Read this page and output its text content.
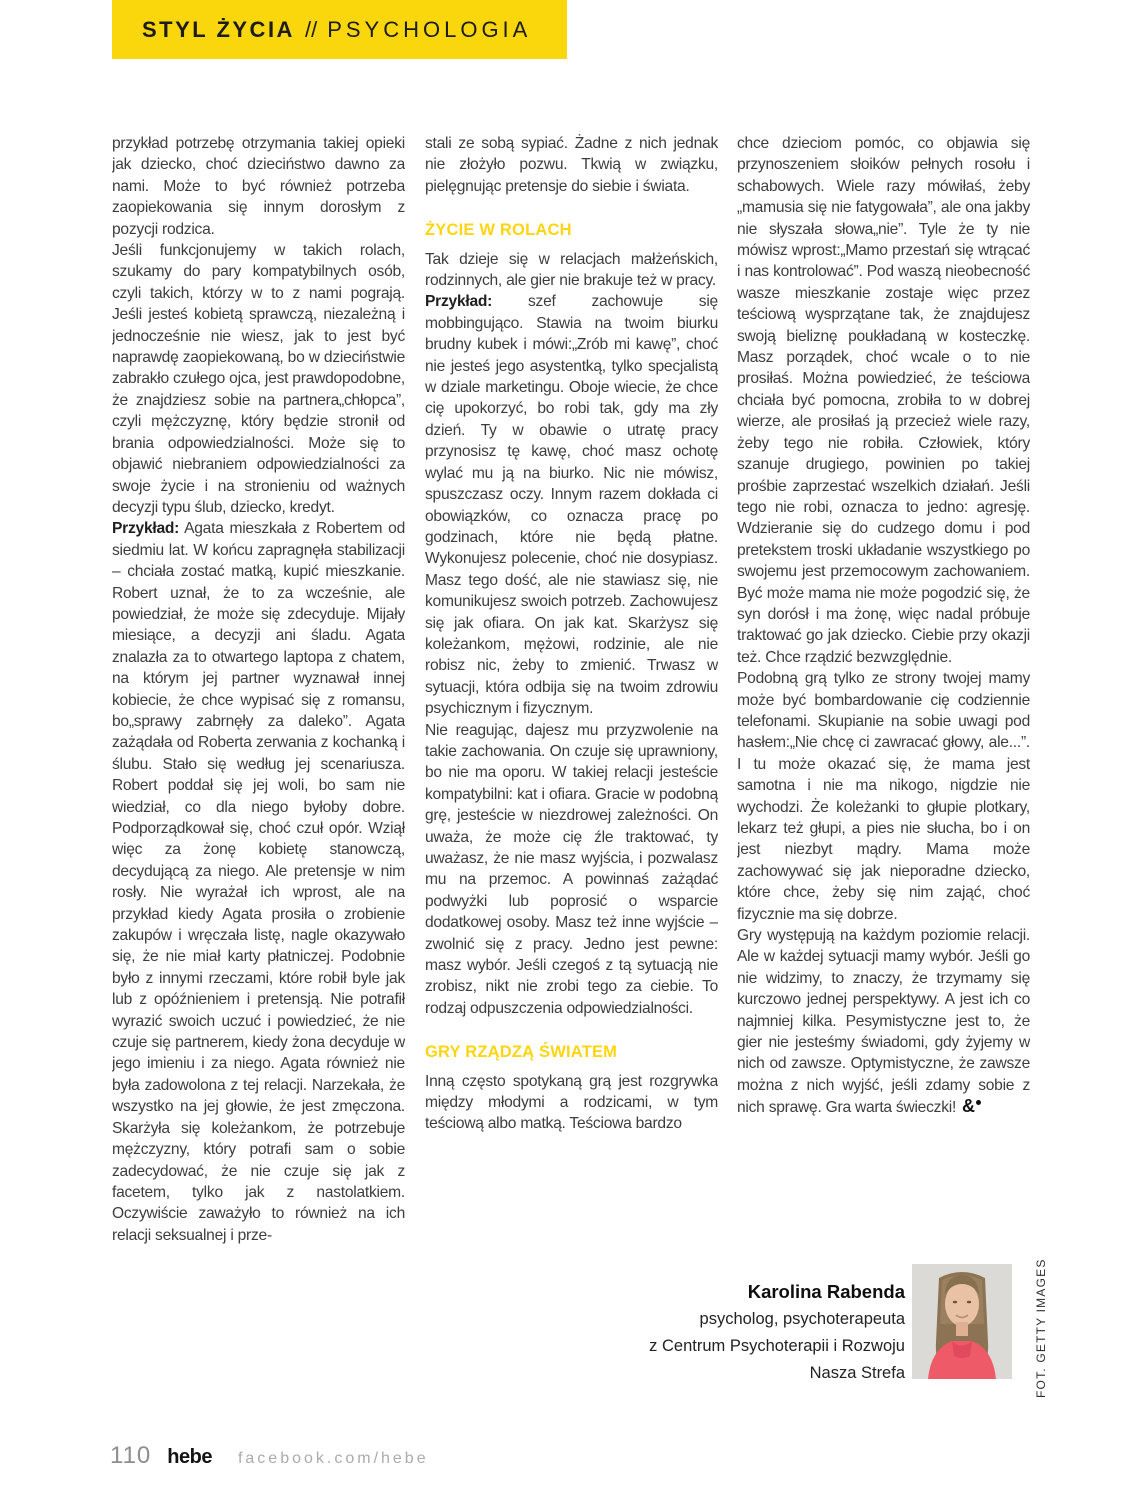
STYL ŻYCIA // PSYCHOLOGIA

przykład potrzebę otrzymania takiej opieki jak dziecko, choć dzieciństwo dawno za nami. Może to być również potrzeba zaopiekowania się innym dorosłym z pozycji rodzica.

Jeśli funkcjonujemy w takich rolach, szukamy do pary kompatybilnych osób, czyli takich, którzy w to z nami pograją. Jeśli jesteś kobietą sprawczą, niezależną i jednocześnie nie wiesz, jak to jest być naprawdę zaopiekowaną, bo w dzieciństwie zabrakło czułego ojca, jest prawdopodobne, że znajdziesz sobie na partnera„chłopca”, czyli mężczyznę, który będzie stronił od brania odpowiedzialności. Może się to objawić niebraniem odpowiedzialności za swoje życie i na stronieniu od ważnych decyzji typu ślub, dziecko, kredyt.

Przykład: Agata mieszkała z Robertem od siedmiu lat. W końcu zapragnęła stabilizacji – chciała zostać matką, kupić mieszkanie. Robert uznał, że to za wcześnie, ale powiedział, że może się zdecyduje. Mijały miesiące, a decyzji ani śladu. Agata znalazła za to otwartego laptopa z chatem, na którym jej partner wyznawał innej kobiecie, że chce wypisać się z romansu, bo„sprawy zabrnęły za daleko”. Agata zażądała od Roberta zerwania z kochanką i ślubu. Stało się według jej scenariusza. Robert poddał się jej woli, bo sam nie wiedział, co dla niego byłoby dobre. Podporządkował się, choć czuł opór. Wziął więc za żonę kobietę stanowczą, decydującą za niego. Ale pretensje w nim rosły. Nie wyrażał ich wprost, ale na przykład kiedy Agata prosiła o zrobienie zakupów i wręczała listę, nagle okazywało się, że nie miał karty płatniczej. Podobnie było z innymi rzeczami, które robił byle jak lub z opóźnieniem i pretensją. Nie potrafił wyrazić swoich uczuć i powiedzieć, że nie czuje się partnerem, kiedy żona decyduje w jego imieniu i za niego. Agata również nie była zadowolona z tej relacji. Narzekała, że wszystko na jej głowie, że jest zmęczona. Skarżyła się koleżankom, że potrzebuje mężczyzny, który potrafi sam o sobie zadecydować, że nie czuje się jak z facetem, tylko jak z nastolatkiem. Oczywiście zaważyło to również na ich relacji seksualnej i prze-

stali ze sobą sypiać. Żadne z nich jednak nie złożyło pozwu. Tkwią w związku, pielęgnując pretensje do siebie i świata.

ŻYCIE W ROLACH

Tak dzieje się w relacjach małżeńskich, rodzinnych, ale gier nie brakuje też w pracy.

Przykład: szef zachowuje się mobbingująco. Stawia na twoim biurku brudny kubek i mówi:„Zrób mi kawę”, choć nie jesteś jego asystentką, tylko specjalistą w dziale marketingu. Oboje wiecie, że chce cię upokorzyć, bo robi tak, gdy ma zły dzień. Ty w obawie o utratę pracy przynosisz tę kawę, choć masz ochotę wylać mu ją na biurko. Nic nie mówisz, spuszczasz oczy. Innym razem dokłada ci obowiązków, co oznacza pracę po godzinach, które nie będą płatne. Wykonujesz polecenie, choć nie dosypiasz. Masz tego dość, ale nie stawiasz się, nie komunikujesz swoich potrzeb. Zachowujesz się jak ofiara. On jak kat. Skarżysz się koleżankom, mężowi, rodzinie, ale nie robisz nic, żeby to zmienić. Trwasz w sytuacji, która odbija się na twoim zdrowiu psychicznym i fizycznym.

Nie reagując, dajesz mu przyzwolenie na takie zachowania. On czuje się uprawniony, bo nie ma oporu. W takiej relacji jesteście kompatybilni: kat i ofiara. Gracie w podobną grę, jesteście w niezdrowej zależności. On uważa, że może cię źle traktować, ty uważasz, że nie masz wyjścia, i pozwalasz mu na przemoc. A powinnaś zażądać podwyżki lub poprosić o wsparcie dodatkowej osoby. Masz też inne wyjście – zwolnić się z pracy. Jedno jest pewne: masz wybór. Jeśli czegoś z tą sytuacją nie zrobisz, nikt nie zrobi tego za ciebie. To rodzaj odpuszczenia odpowiedzialności.

GRY RZĄDZĄ ŚWIATEM

Inną często spotykaną grą jest rozgrywka między młodymi a rodzicami, w tym teściową albo matką. Teściowa bardzo

chce dzieciom pomóc, co objawia się przynoszeniem słoików pełnych rosołu i schabowych. Wiele razy mówiłaś, żeby „mamusia się nie fatygowała”, ale ona jakby nie słyszała słowa„nie”. Tyle że ty nie mówisz wprost:„Mamo przestań się wtrącać i nas kontrolować”. Pod waszą nieobecność wasze mieszkanie zostaje więc przez teściową wysprzątane tak, że znajdujesz swoją bieliznę poukładaną w kosteczkę. Masz porządek, choć wcale o to nie prosiłaś. Można powiedzieć, że teściowa chciała być pomocna, zrobiła to w dobrej wierze, ale prosiłaś ją przecież wiele razy, żeby tego nie robiła. Człowiek, który szanuje drugiego, powinien po takiej prośbie zaprzestać wszelkich działań. Jeśli tego nie robi, oznacza to jedno: agresję. Wdzieranie się do cudzego domu i pod pretekstem troski układanie wszystkiego po swojemu jest przemocowym zachowaniem. Być może mama nie może pogodzić się, że syn dorósł i ma żonę, więc nadal próbuje traktować go jak dziecko. Ciebie przy okazji też. Chce rządzić bezwzględnie.

Podobną grą tylko ze strony twojej mamy może być bombardowanie cię codziennie telefonami. Skupianie na sobie uwagi pod hasłem:„Nie chcę ci zawracać głowy, ale...”. I tu może okazać się, że mama jest samotna i nie ma nikogo, nigdzie nie wychodzi. Że koleżanki to głupie plotkary, lekarz też głupi, a pies nie słucha, bo i on jest niezbyt mądry. Mama może zachowywać się jak nieporadne dziecko, które chce, żeby się nim zająć, choć fizycznie ma się dobrze.

Gry występują na każdym poziomie relacji. Ale w każdej sytuacji mamy wybór. Jeśli go nie widzimy, to znaczy, że trzymamy się kurczowo jednej perspektywy. A jest ich co najmniej kilka. Pesymistyczne jest to, że gier nie jesteśmy świadomi, gdy żyjemy w nich od zawsze. Optymistyczne, że zawsze można z nich wyjść, jeśli zdamy sobie z nich sprawę. Gra warta świeczki! &

Karolina Rabenda
psycholog, psychoterapeuta
z Centrum Psychoterapii i Rozwoju
Nasza Strefa	FOT. GETTY IMAGES
110 hebe facebook.com/hebe
